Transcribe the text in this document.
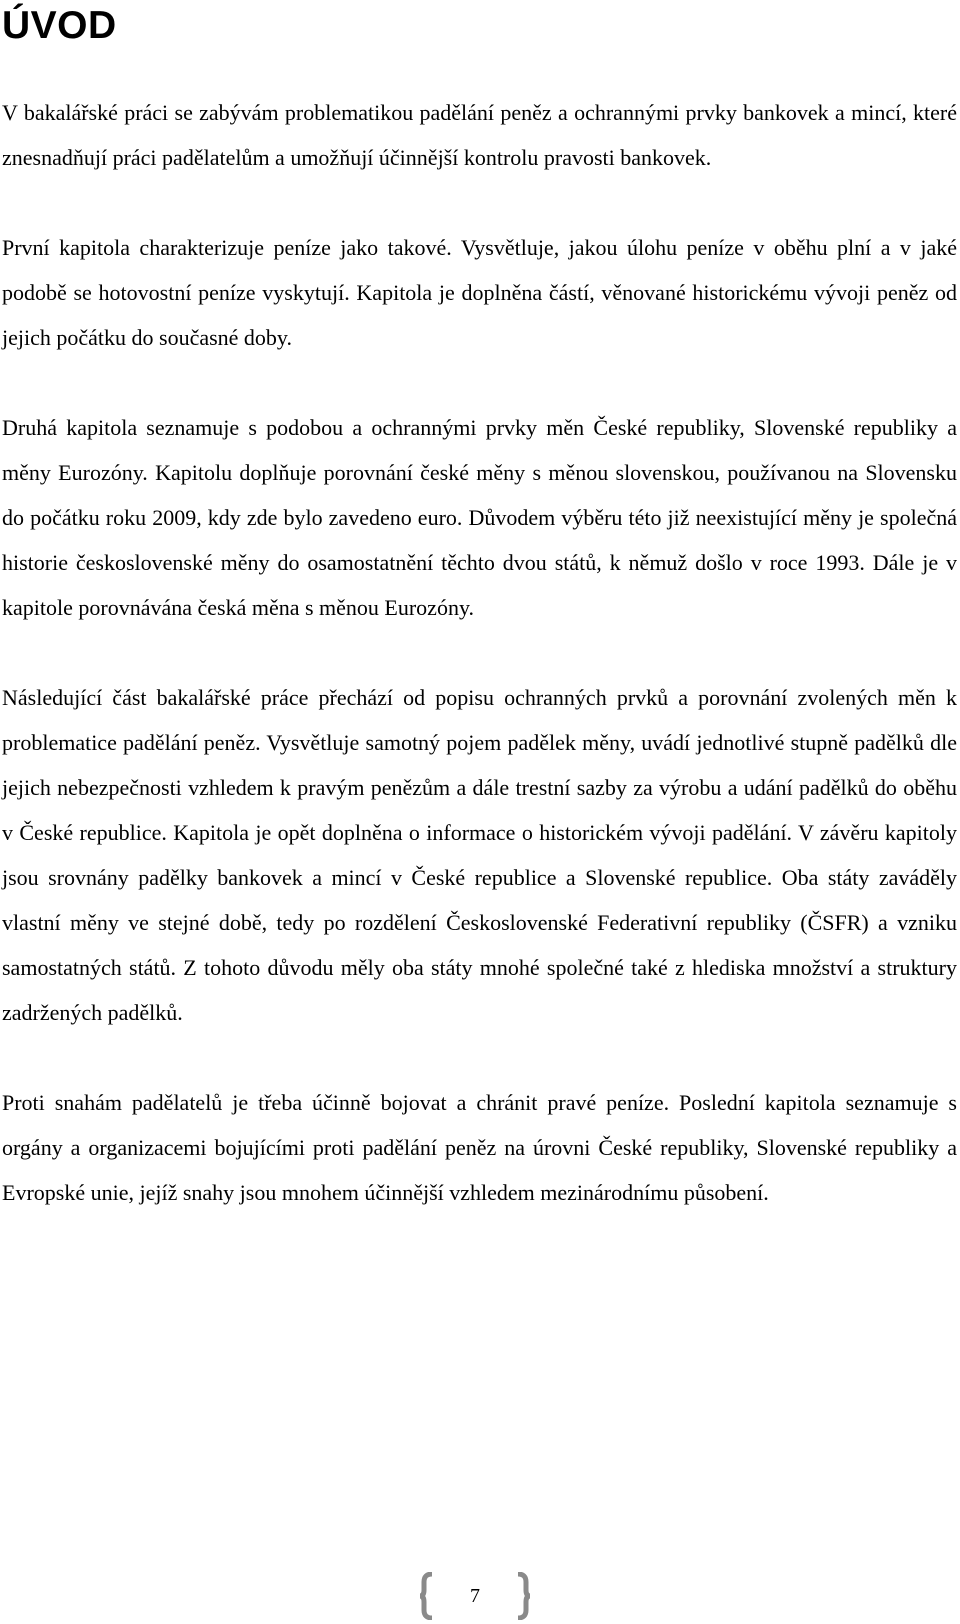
ÚVOD

V bakalářské práci se zabývám problematikou padělání peněz a ochrannými prvky bankovek a mincí, které znesnadňují práci padělatelům a umožňují účinnější kontrolu pravosti bankovek.

První kapitola charakterizuje peníze jako takové. Vysvětluje, jakou úlohu peníze v oběhu plní a v jaké podobě se hotovostní peníze vyskytují. Kapitola je doplněna částí, věnované historickému vývoji peněz od jejich počátku do současné doby.

Druhá kapitola seznamuje s podobou a ochrannými prvky měn České republiky, Slovenské republiky a měny Eurozóny. Kapitolu doplňuje porovnání české měny s měnou slovenskou, používanou na Slovensku do počátku roku 2009, kdy zde bylo zavedeno euro. Důvodem výběru této již neexistující měny je společná historie československé měny do osamostatnění těchto dvou států, k němuž došlo v roce 1993. Dále je v kapitole porovnávána česká měna s měnou Eurozóny.

Následující část bakalářské práce přechází od popisu ochranných prvků a porovnání zvolených měn k problematice padělání peněz. Vysvětluje samotný pojem padělek měny, uvádí jednotlivé stupně padělků dle jejich nebezpečnosti vzhledem k pravým penězům a dále trestní sazby za výrobu a udání padělků do oběhu v České republice. Kapitola je opět doplněna o informace o historickém vývoji padělání. V závěru kapitoly jsou srovnány padělky bankovek a mincí v České republice a Slovenské republice. Oba státy zaváděly vlastní měny ve stejné době, tedy po rozdělení Československé Federativní republiky (ČSFR) a vzniku samostatných států. Z tohoto důvodu měly oba státy mnohé společné také z hlediska množství a struktury zadržených padělků.

Proti snahám padělatelů je třeba účinně bojovat a chránit pravé peníze. Poslední kapitola seznamuje s orgány a organizacemi bojujícími proti padělání peněz na úrovni České republiky, Slovenské republiky a Evropské unie, jejíž snahy jsou mnohem účinnější vzhledem mezinárodnímu působení.

7
